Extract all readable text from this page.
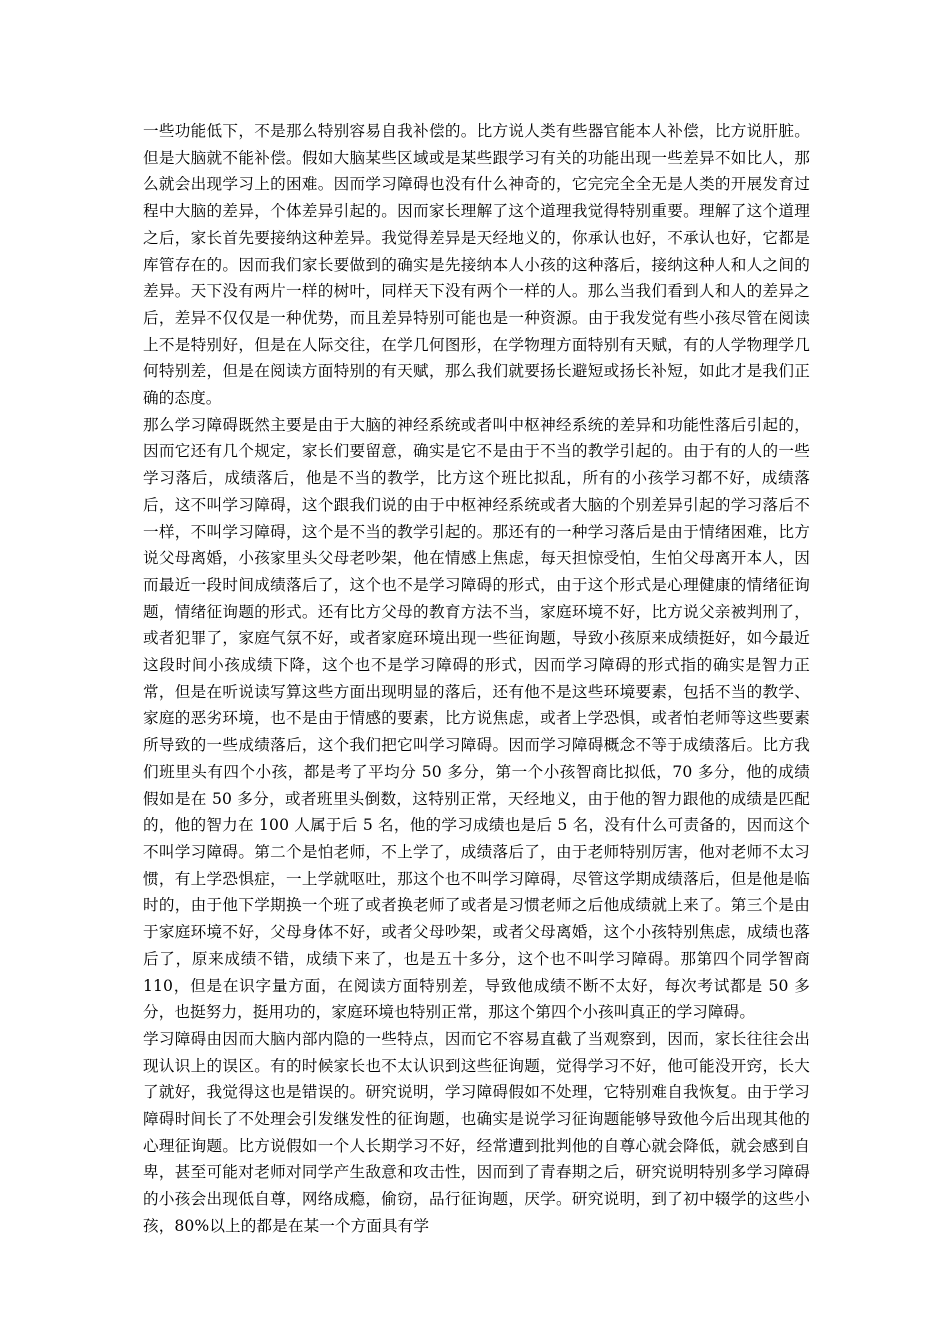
一些功能低下，不是那么特别容易自我补偿的。比方说人类有些器官能本人补偿，比方说肝脏。但是大脑就不能补偿。假如大脑某些区域或是某些跟学习有关的功能出现一些差异不如比人，那么就会出现学习上的困难。因而学习障碍也没有什么神奇的，它完完全全无是人类的开展发育过程中大脑的差异，个体差异引起的。因而家长理解了这个道理我觉得特别重要。理解了这个道理之后，家长首先要接纳这种差异。我觉得差异是天经地义的，你承认也好，不承认也好，它都是库管存在的。因而我们家长要做到的确实是先接纳本人小孩的这种落后，接纳这种人和人之间的差异。天下没有两片一样的树叶，同样天下没有两个一样的人。那么当我们看到人和人的差异之后，差异不仅仅是一种优势，而且差异特别可能也是一种资源。由于我发觉有些小孩尽管在阅读上不是特别好，但是在人际交往，在学几何图形，在学物理方面特别有天赋，有的人学物理学几何特别差，但是在阅读方面特别的有天赋，那么我们就要扬长避短或扬长补短，如此才是我们正确的态度。

那么学习障碍既然主要是由于大脑的神经系统或者叫中枢神经系统的差异和功能性落后引起的，因而它还有几个规定，家长们要留意，确实是它不是由于不当的教学引起的。由于有的人的一些学习落后，成绩落后，他是不当的教学，比方这个班比拟乱，所有的小孩学习都不好，成绩落后，这不叫学习障碍，这个跟我们说的由于中枢神经系统或者大脑的个别差异引起的学习落后不一样，不叫学习障碍，这个是不当的教学引起的。那还有的一种学习落后是由于情绪困难，比方说父母离婚，小孩家里头父母老吵架，他在情感上焦虑，每天担惊受怕，生怕父母离开本人，因而最近一段时间成绩落后了，这个也不是学习障碍的形式，由于这个形式是心理健康的情绪征询题，情绪征询题的形式。还有比方父母的教育方法不当，家庭环境不好，比方说父亲被判刑了，或者犯罪了，家庭气氛不好，或者家庭环境出现一些征询题，导致小孩原来成绩挺好，如今最近这段时间小孩成绩下降，这个也不是学习障碍的形式，因而学习障碍的形式指的确实是智力正常，但是在听说读写算这些方面出现明显的落后，还有他不是这些环境要素，包括不当的教学、家庭的恶劣环境，也不是由于情感的要素，比方说焦虑，或者上学恐惧，或者怕老师等这些要素所导致的一些成绩落后，这个我们把它叫学习障碍。因而学习障碍概念不等于成绩落后。比方我们班里头有四个小孩，都是考了平均分 50 多分，第一个小孩智商比拟低，70 多分，他的成绩假如是在 50 多分，或者班里头倒数，这特别正常，天经地义，由于他的智力跟他的成绩是匹配的，他的智力在 100 人属于后 5 名，他的学习成绩也是后 5 名，没有什么可责备的，因而这个不叫学习障碍。第二个是怕老师，不上学了，成绩落后了，由于老师特别厉害，他对老师不太习惯，有上学恐惧症，一上学就呕吐，那这个也不叫学习障碍，尽管这学期成绩落后，但是他是临时的，由于他下学期换一个班了或者换老师了或者是习惯老师之后他成绩就上来了。第三个是由于家庭环境不好，父母身体不好，或者父母吵架，或者父母离婚，这个小孩特别焦虑，成绩也落后了，原来成绩不错，成绩下来了，也是五十多分，这个也不叫学习障碍。那第四个同学智商 110，但是在识字量方面，在阅读方面特别差，导致他成绩不断不太好，每次考试都是 50 多分，也挺努力，挺用功的，家庭环境也特别正常，那这个第四个小孩叫真正的学习障碍。

学习障碍由因而大脑内部内隐的一些特点，因而它不容易直截了当观察到，因而，家长往往会出现认识上的误区。有的时候家长也不太认识到这些征询题，觉得学习不好，他可能没开窍，长大了就好，我觉得这也是错误的。研究说明，学习障碍假如不处理，它特别难自我恢复。由于学习障碍时间长了不处理会引发继发性的征询题，也确实是说学习征询题能够导致他今后出现其他的心理征询题。比方说假如一个人长期学习不好，经常遭到批判他的自尊心就会降低，就会感到自卑，甚至可能对老师对同学产生敌意和攻击性，因而到了青春期之后，研究说明特别多学习障碍的小孩会出现低自尊，网络成瘾，偷窃，品行征询题，厌学。研究说明，到了初中辍学的这些小孩，80%以上的都是在某一个方面具有学
